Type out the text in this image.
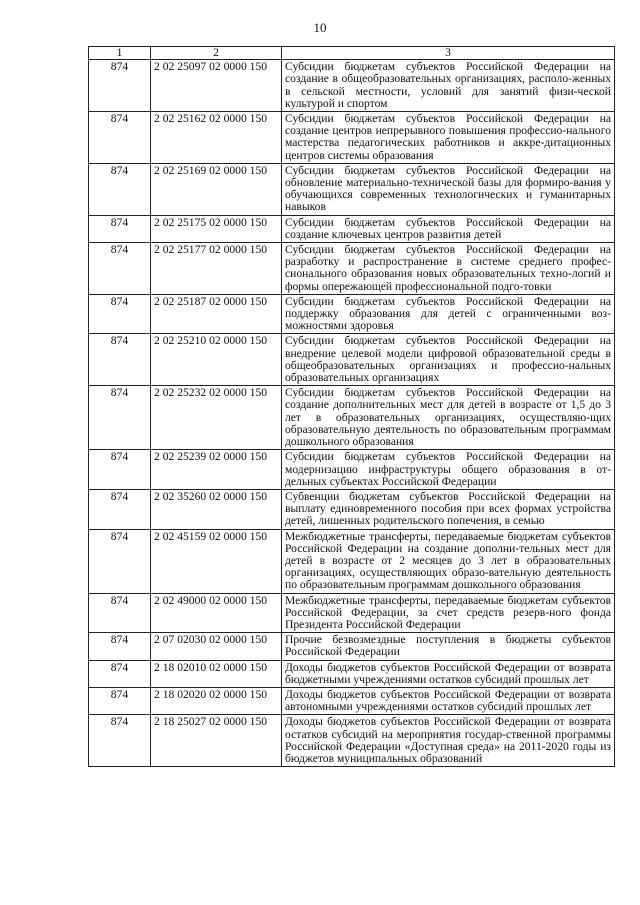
10
1	2	3
874	2 02 25097 02 0000 150	Субсидии бюджетам субъектов Российской Федерации на создание в общеобразовательных организациях, располо-женных в сельской местности, условий для занятий физи-ческой культурой и спортом
874	2 02 25162 02 0000 150	Субсидии бюджетам субъектов Российской Федерации на создание центров непрерывного повышения профессио-нального мастерства педагогических работников и аккре-дитационных центров системы образования
874	2 02 25169 02 0000 150	Субсидии бюджетам субъектов Российской Федерации на обновление материально-технической базы для формиро-вания у обучающихся современных технологических и гуманитарных навыков
874	2 02 25175 02 0000 150	Субсидии бюджетам субъектов Российской Федерации на создание ключевых центров развития детей
874	2 02 25177 02 0000 150	Субсидии бюджетам субъектов Российской Федерации на разработку и распространение в системе среднего профес-сионального образования новых образовательных техно-логий и формы опережающей профессиональной подго-товки
874	2 02 25187 02 0000 150	Субсидии бюджетам субъектов Российской Федерации на поддержку образования для детей с ограниченными воз-можностями здоровья
874	2 02 25210 02 0000 150	Субсидии бюджетам субъектов Российской Федерации на внедрение целевой модели цифровой образовательной среды в общеобразовательных организациях и профессио-нальных образовательных организациях
874	2 02 25232 02 0000 150	Субсидии бюджетам субъектов Российской Федерации на создание дополнительных мест для детей в возрасте от 1,5 до 3 лет в образовательных организациях, осуществляю-щих образовательную деятельность по образовательным программам дошкольного образования
874	2 02 25239 02 0000 150	Субсидии бюджетам субъектов Российской Федерации на модернизацию инфраструктуры общего образования в от-дельных субъектах Российской Федерации
874	2 02 35260 02 0000 150	Субвенции бюджетам субъектов Российской Федерации на выплату единовременного пособия при всех формах устройства детей, лишенных родительского попечения, в семью
874	2 02 45159 02 0000 150	Межбюджетные трансферты, передаваемые бюджетам субъектов Российской Федерации на создание дополни-тельных мест для детей в возрасте от 2 месяцев до 3 лет в образовательных организациях, осуществляющих образо-вательную деятельность по образовательным программам дошкольного образования
874	2 02 49000 02 0000 150	Межбюджетные трансферты, передаваемые бюджетам субъектов Российской Федерации, за счет средств резерв-ного фонда Президента Российской Федерации
874	2 07 02030 02 0000 150	Прочие безвозмездные поступления в бюджеты субъектов Российской Федерации
874	2 18 02010 02 0000 150	Доходы бюджетов субъектов Российской Федерации от возврата бюджетными учреждениями остатков субсидий прошлых лет
874	2 18 02020 02 0000 150	Доходы бюджетов субъектов Российской Федерации от возврата автономными учреждениями остатков субсидий прошлых лет
874	2 18 25027 02 0000 150	Доходы бюджетов субъектов Российской Федерации от возврата остатков субсидий на мероприятия государ-ственной программы Российской Федерации «Доступная среда» на 2011-2020 годы из бюджетов муниципальных образований
